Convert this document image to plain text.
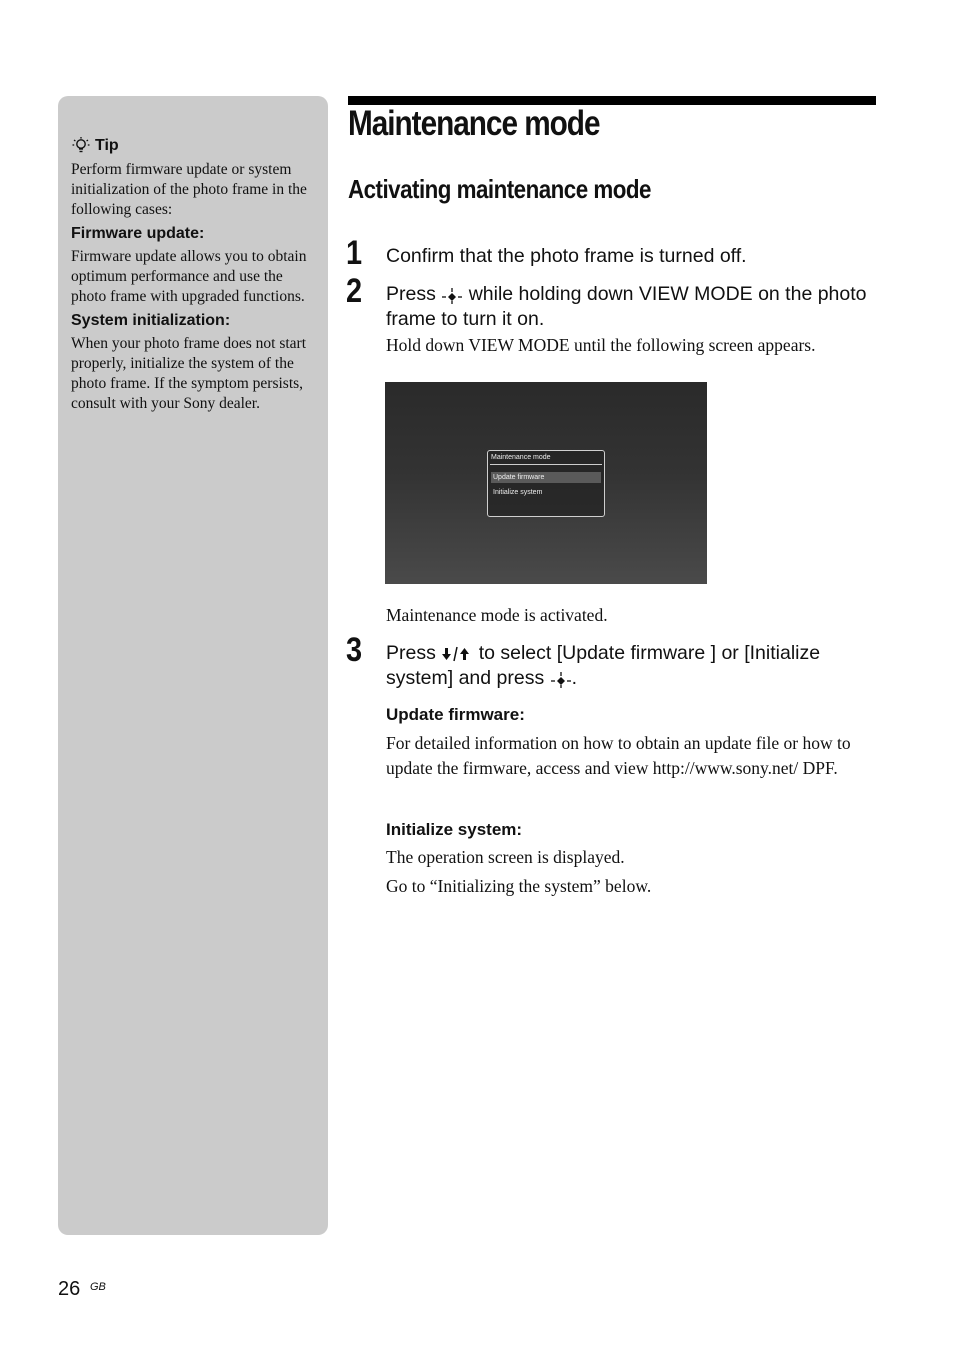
Tip
Perform firmware update or system initialization of the photo frame in the following cases:
Firmware update:
Firmware update allows you to obtain optimum performance and use the photo frame with upgraded functions.
System initialization:
When your photo frame does not start properly, initialize the system of the photo frame. If the symptom persists, consult with your Sony dealer.
Maintenance mode
Activating maintenance mode
1 Confirm that the photo frame is turned off.
2 Press while holding down VIEW MODE on the photo frame to turn it on.
Hold down VIEW MODE until the following screen appears.
Maintenance mode
Update firmware
Initialize system
Maintenance mode is activated.
3 Press to select [Update firmware ] or [Initialize system] and press .
Update firmware:
For detailed information on how to obtain an update file or how to update the firmware, access and view http://www.sony.net/ DPF.
Initialize system:
The operation screen is displayed.
Go to “Initializing the system” below.
26 GB
